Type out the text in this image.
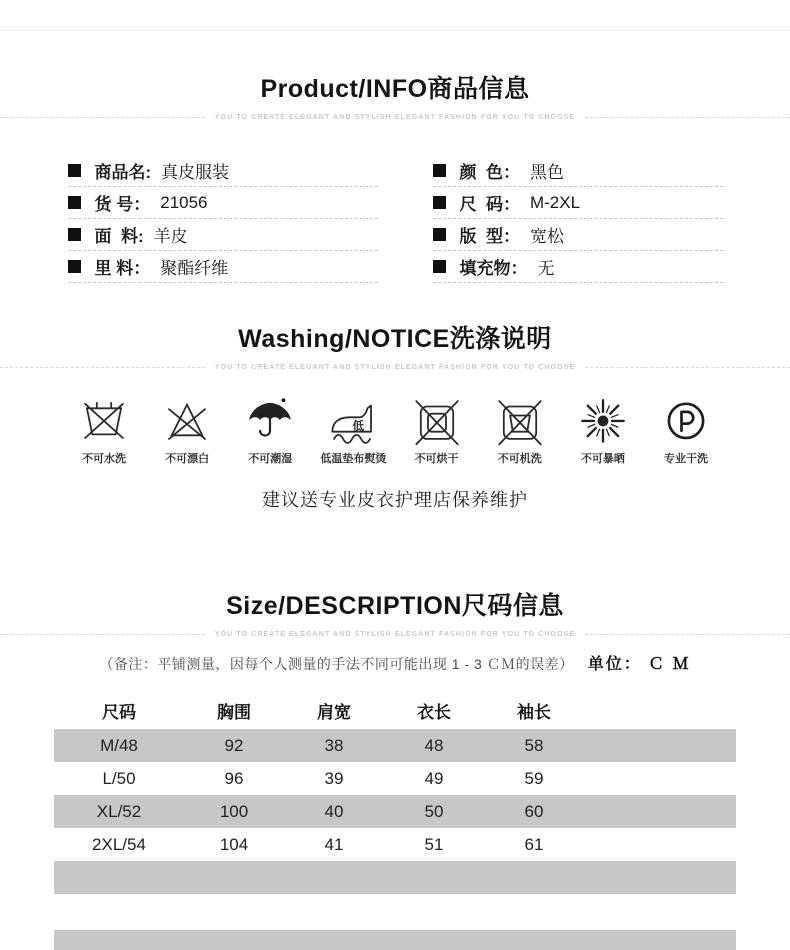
Product/INFO商品信息
YOU TO CREATE ELEGANT AND STYLISH ELEGANT FASHION FOR YOU TO CHOOSE
商品名: 真皮服装
货 号： 21056
面  料: 羊皮
里 料： 聚酯纤维
颜  色： 黑色
尺  码： M-2XL
版  型： 宽松
填充物： 无
Washing/NOTICE洗涤说明
YOU TO CREATE ELEGANT AND STYLISH ELEGANT FASHION FOR YOU TO CHOOSE
不可水洗	不可漂白	不可潮湿
低
低温垫布熨烫	不可烘干	不可机洗	不可暴晒	专业干洗
建议送专业皮衣护理店保养维护
Size/DESCRIPTION尺码信息
YOU TO CREATE ELEGANT AND STYLISH ELEGANT FASHION FOR YOU TO CHOOSE
（备注：平铺测量，因每个人测量的手法不同可能出现 1 - 3 ＣＭ的误差） 单位： Ｃ Ｍ
尺码	胸围	肩宽	衣长	袖长	
M/48	92	38	48	58	
L/50	96	39	49	59	
XL/52	100	40	50	60	
2XL/54	104	41	51	61	
